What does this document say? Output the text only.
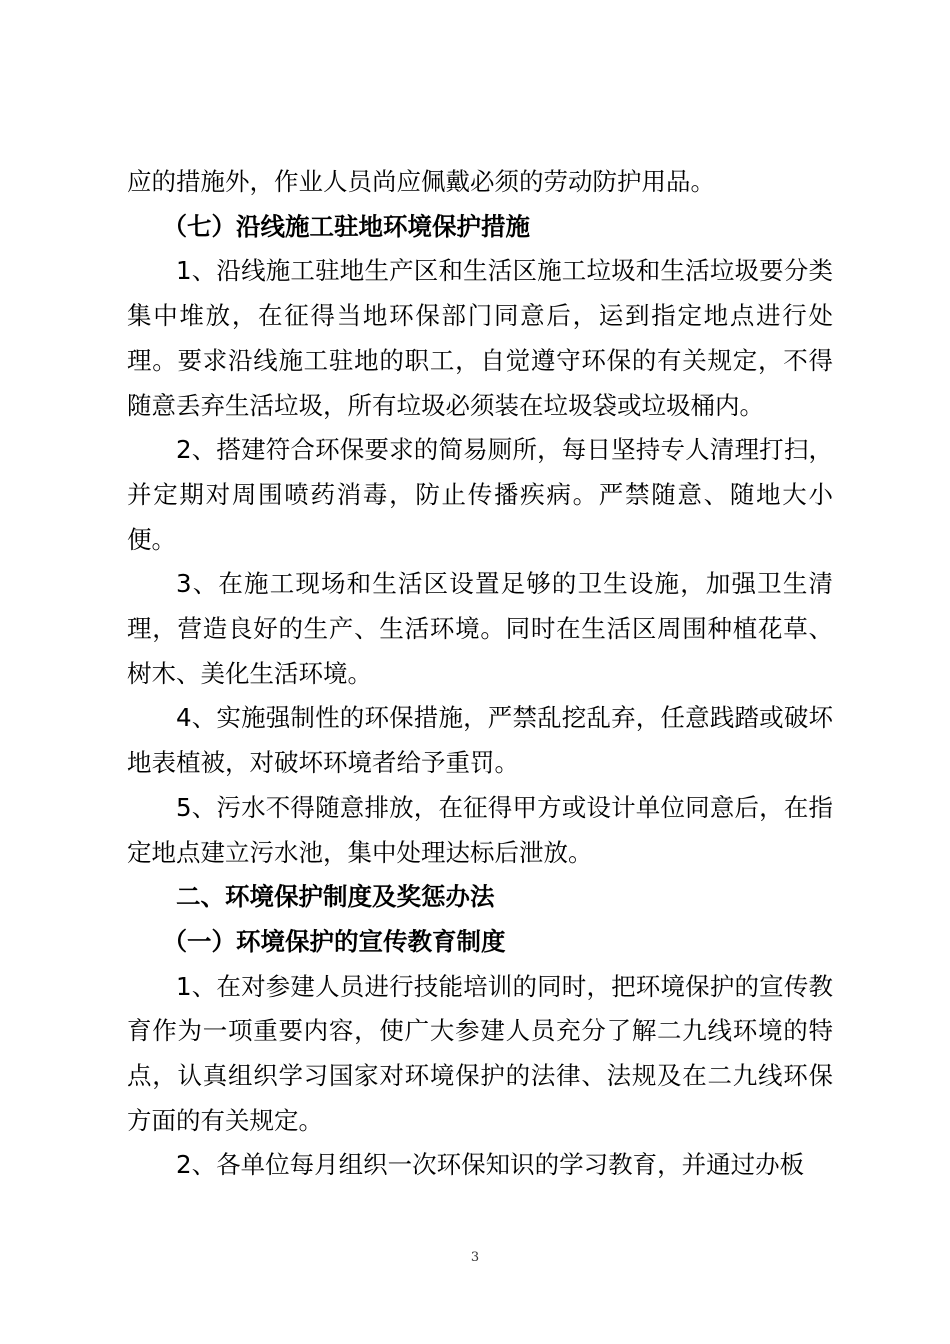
应的措施外，作业人员尚应佩戴必须的劳动防护用品。

（七）沿线施工驻地环境保护措施

1、沿线施工驻地生产区和生活区施工垃圾和生活垃圾要分类集中堆放，在征得当地环保部门同意后，运到指定地点进行处理。要求沿线施工驻地的职工，自觉遵守环保的有关规定，不得随意丢弃生活垃圾，所有垃圾必须装在垃圾袋或垃圾桶内。

2、搭建符合环保要求的简易厕所，每日坚持专人清理打扫，并定期对周围喷药消毒，防止传播疾病。严禁随意、随地大小便。

3、在施工现场和生活区设置足够的卫生设施，加强卫生清理，营造良好的生产、生活环境。同时在生活区周围种植花草、树木、美化生活环境。

4、实施强制性的环保措施，严禁乱挖乱弃，任意践踏或破坏地表植被，对破坏环境者给予重罚。

5、污水不得随意排放，在征得甲方或设计单位同意后，在指定地点建立污水池，集中处理达标后泄放。

二、环境保护制度及奖惩办法

（一）环境保护的宣传教育制度

1、在对参建人员进行技能培训的同时，把环境保护的宣传教育作为一项重要内容，使广大参建人员充分了解二九线环境的特点，认真组织学习国家对环境保护的法律、法规及在二九线环保方面的有关规定。

2、各单位每月组织一次环保知识的学习教育，并通过办板

3
